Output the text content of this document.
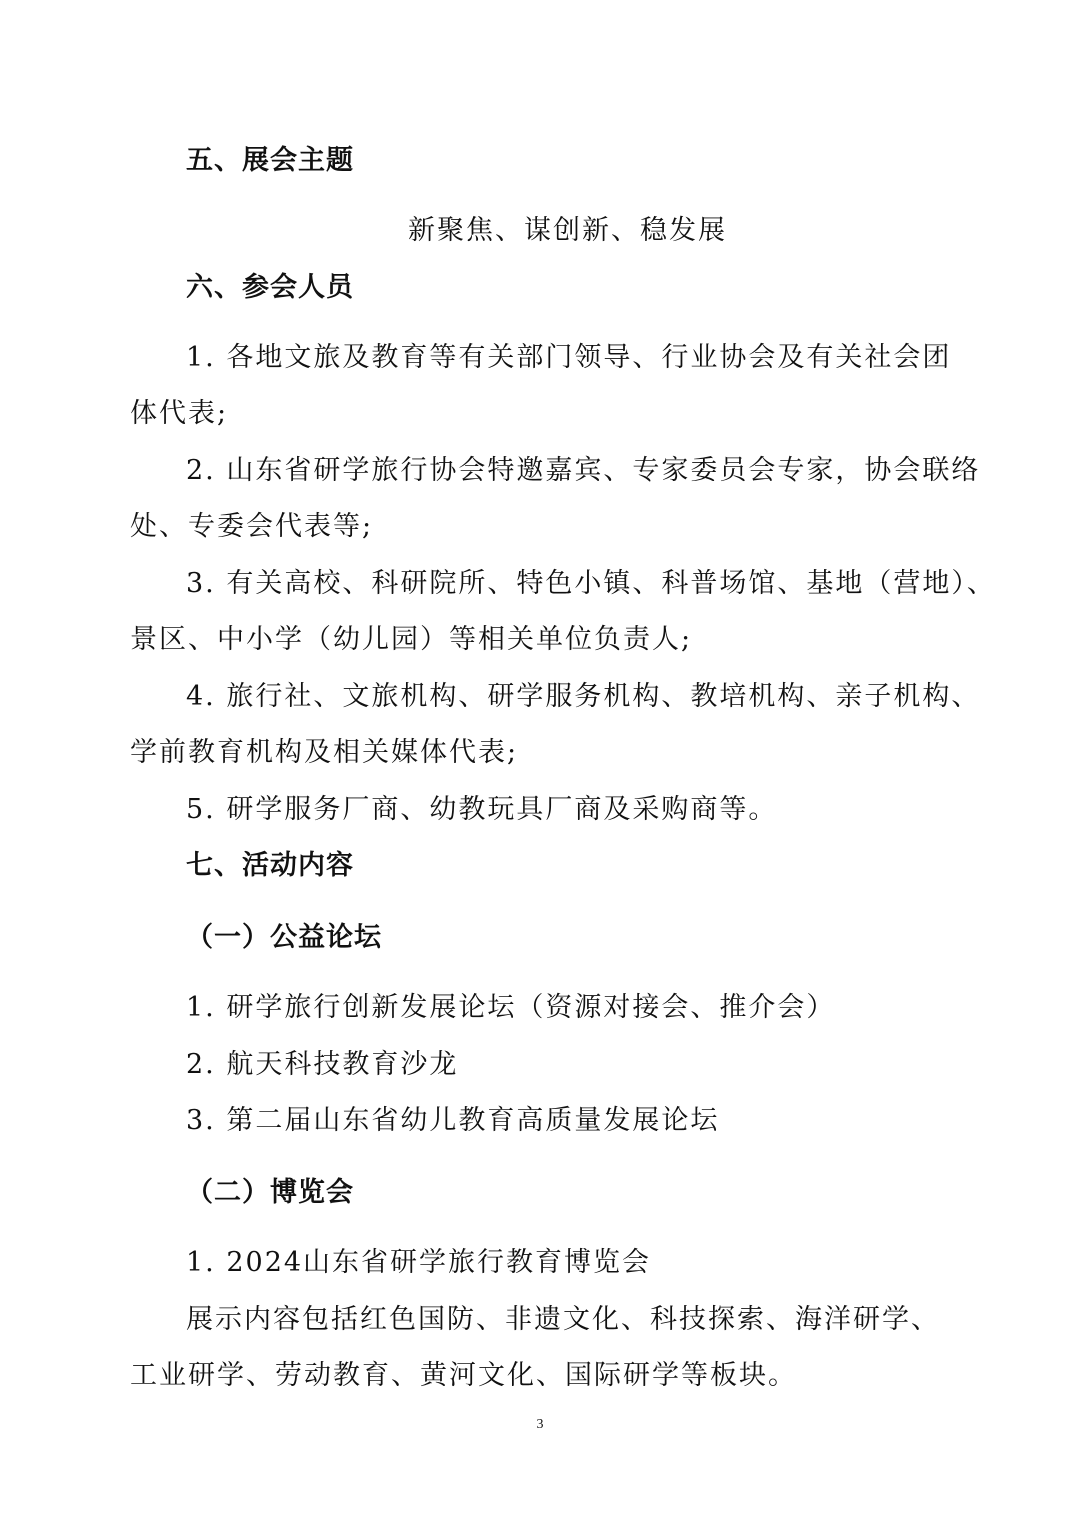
五、展会主题
新聚焦、谋创新、稳发展
六、参会人员
1. 各地文旅及教育等有关部门领导、行业协会及有关社会团
体代表;
2. 山东省研学旅行协会特邀嘉宾、专家委员会专家，协会联络
处、专委会代表等;
3. 有关高校、科研院所、特色小镇、科普场馆、基地（营地）、
景区、中小学（幼儿园）等相关单位负责人;
4. 旅行社、文旅机构、研学服务机构、教培机构、亲子机构、
学前教育机构及相关媒体代表;
5. 研学服务厂商、幼教玩具厂商及采购商等。
七、活动内容
（一）公益论坛
1. 研学旅行创新发展论坛（资源对接会、推介会）
2. 航天科技教育沙龙
3. 第二届山东省幼儿教育高质量发展论坛
（二）博览会
1. 2024山东省研学旅行教育博览会
展示内容包括红色国防、非遗文化、科技探索、海洋研学、
工业研学、劳动教育、黄河文化、国际研学等板块。
3
